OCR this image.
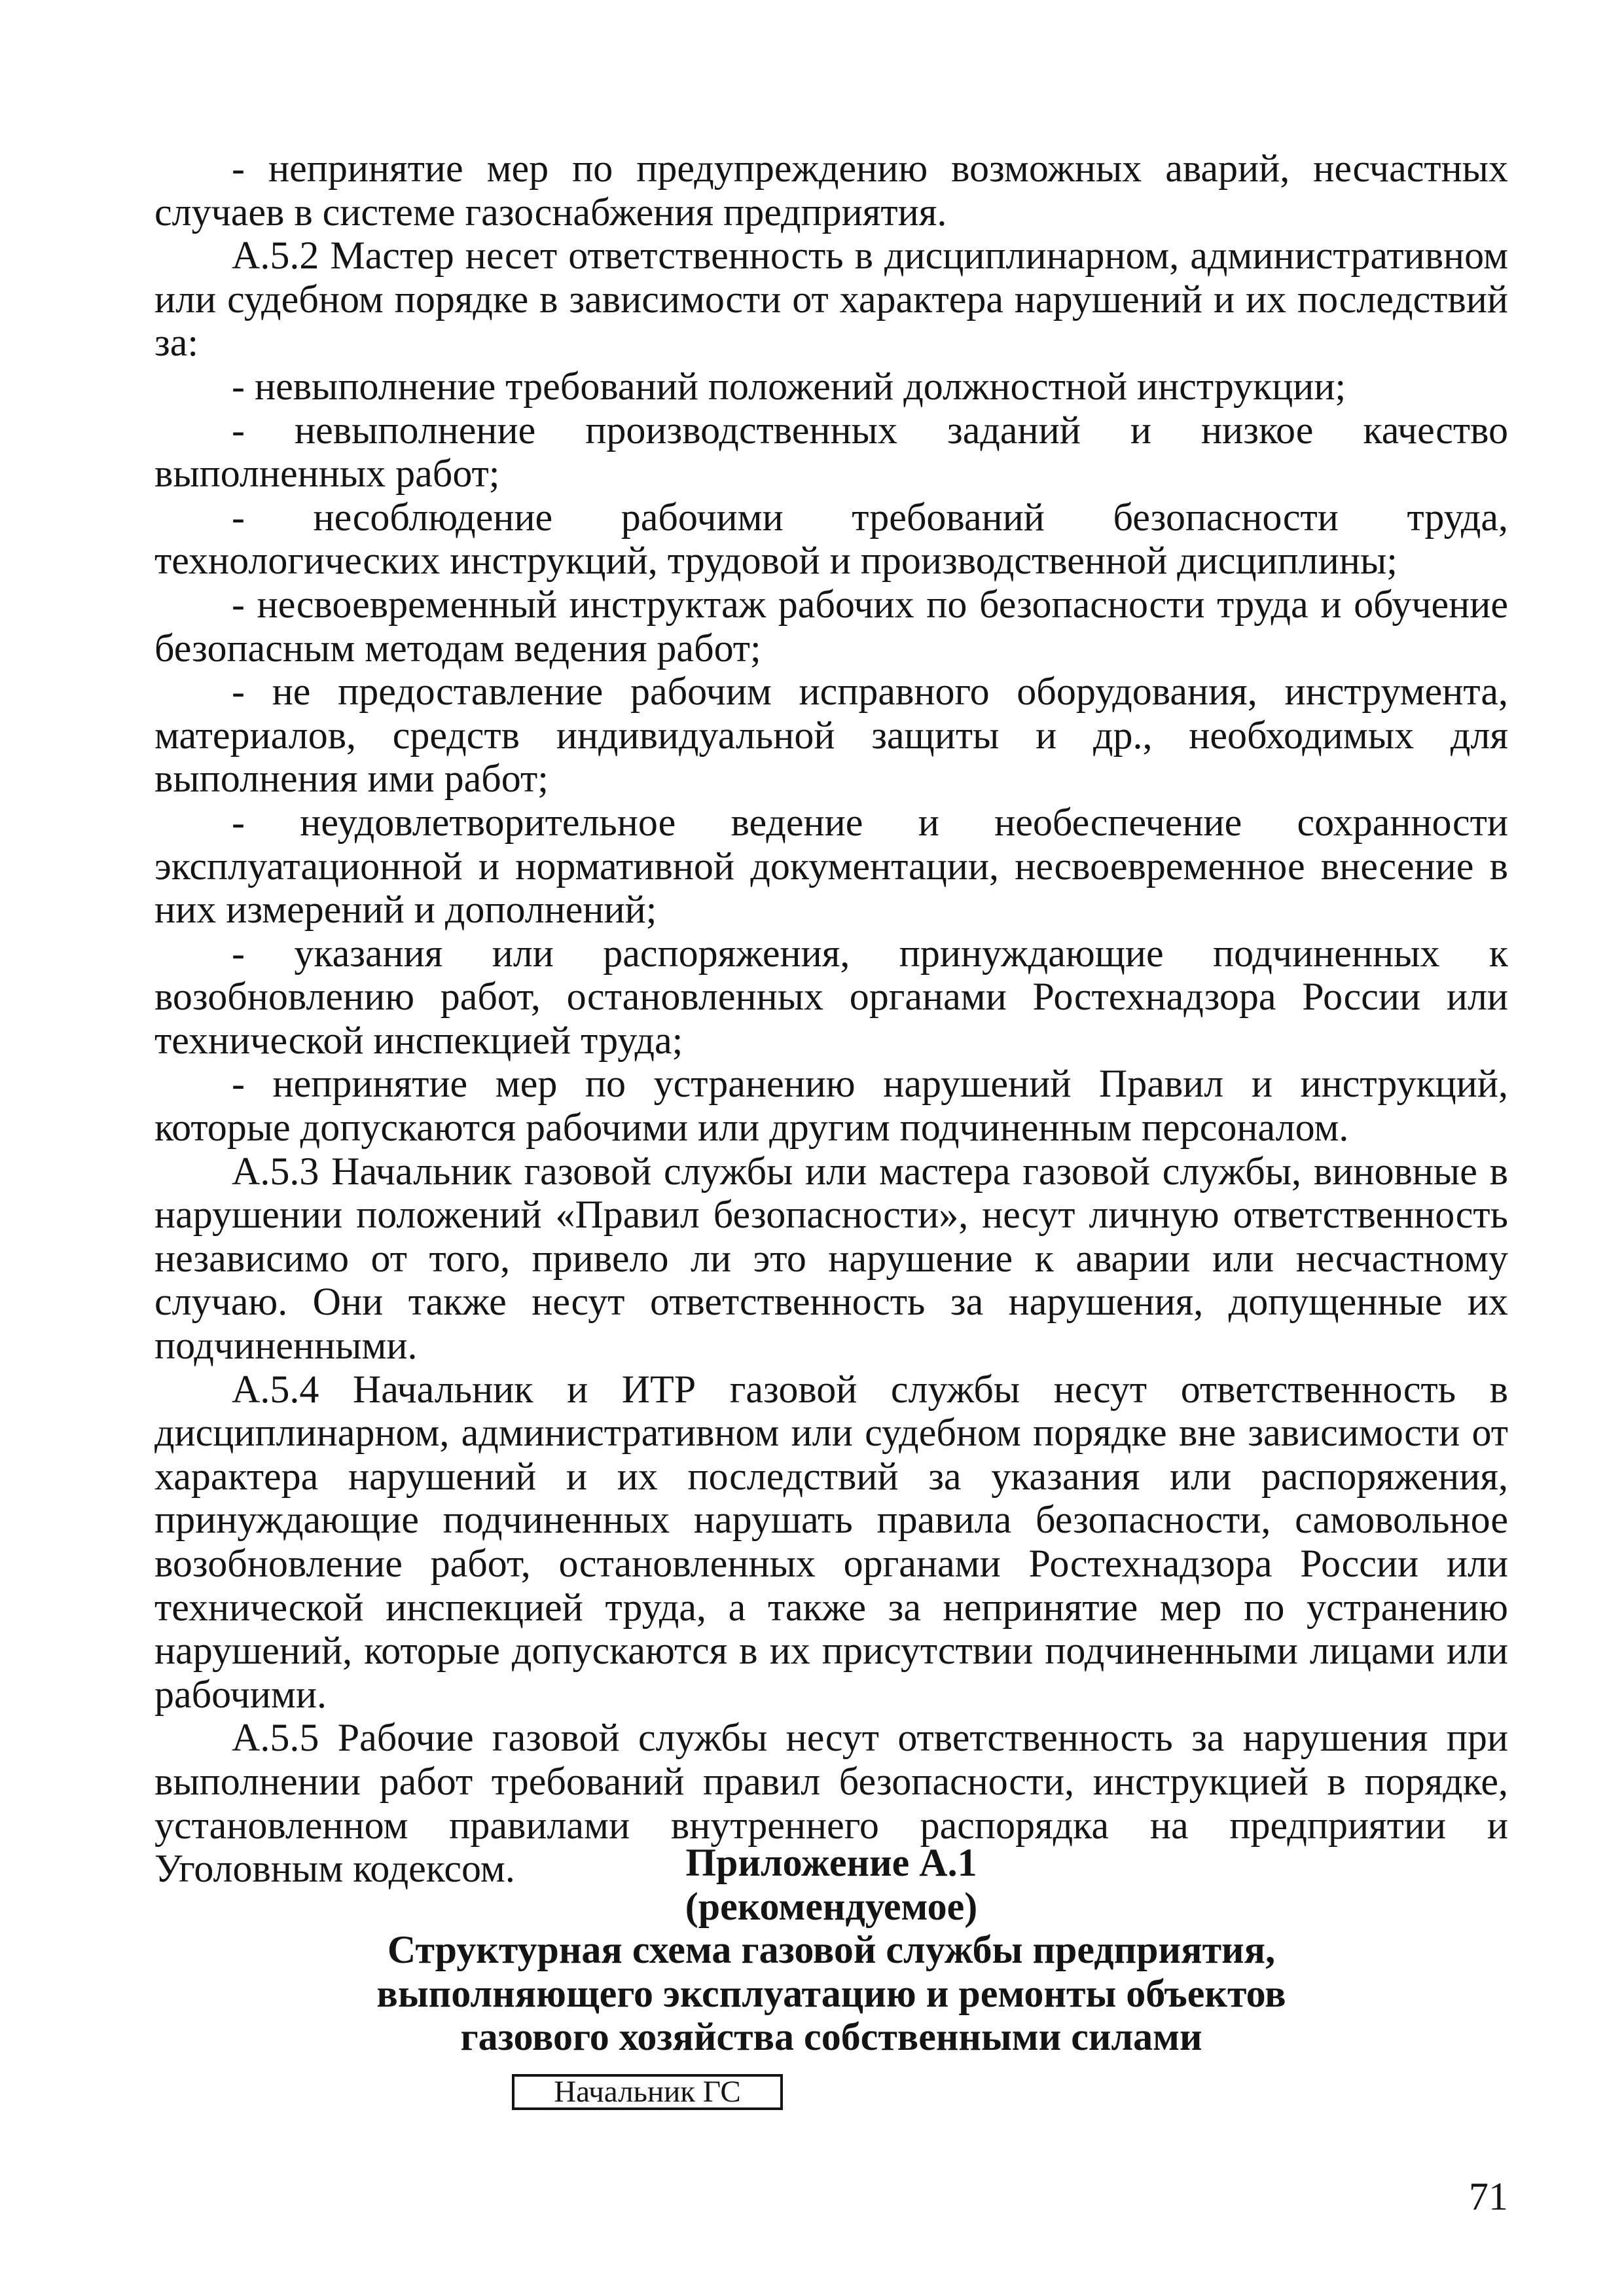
- непринятие мер по предупреждению возможных аварий, несчастных случаев в системе газоснабжения предприятия.

А.5.2 Мастер несет ответственность в дисциплинарном, административном или судебном порядке в зависимости от характера нарушений и их последствий за:

- невыполнение требований положений должностной инструкции;

- невыполнение производственных заданий и низкое качество выполненных работ;

- несоблюдение рабочими требований безопасности труда, технологических инструкций, трудовой и производственной дисциплины;

- несвоевременный инструктаж рабочих по безопасности труда и обучение безопасным методам ведения работ;

- не предоставление рабочим исправного оборудования, инструмента, материалов, средств индивидуальной защиты и др., необходимых для выполнения ими работ;

- неудовлетворительное ведение и необеспечение сохранности эксплуатационной и нормативной документации, несвоевременное внесение в них измерений и дополнений;

- указания или распоряжения, принуждающие подчиненных к возобновлению работ, остановленных органами Ростехнадзора России или технической инспекцией труда;

- непринятие мер по устранению нарушений Правил и инструкций, которые допускаются рабочими или другим подчиненным персоналом.

А.5.3 Начальник газовой службы или мастера газовой службы, виновные в нарушении положений «Правил безопасности», несут личную ответственность независимо от того, привело ли это нарушение к аварии или несчастному случаю. Они также несут ответственность за нарушения, допущенные их подчиненными.

А.5.4 Начальник и ИТР газовой службы несут ответственность в дисциплинарном, административном или судебном порядке вне зависимости от характера нарушений и их последствий за указания или распоряжения, принуждающие подчиненных нарушать правила безопасности, самовольное возобновление работ, остановленных органами Ростехнадзора России или технической инспекцией труда, а также за непринятие мер по устранению нарушений, которые допускаются в их присутствии подчиненными лицами или рабочими.

А.5.5 Рабочие газовой службы несут ответственность за нарушения при выполнении работ требований правил безопасности, инструкцией в порядке, установленном правилами внутреннего распорядка на предприятии и Уголовным кодексом.	Приложение А.1
(рекомендуемое)
Структурная схема газовой службы предприятия,
выполняющего эксплуатацию и ремонты объектов
газового хозяйства собственными силами
Начальник ГС
71
